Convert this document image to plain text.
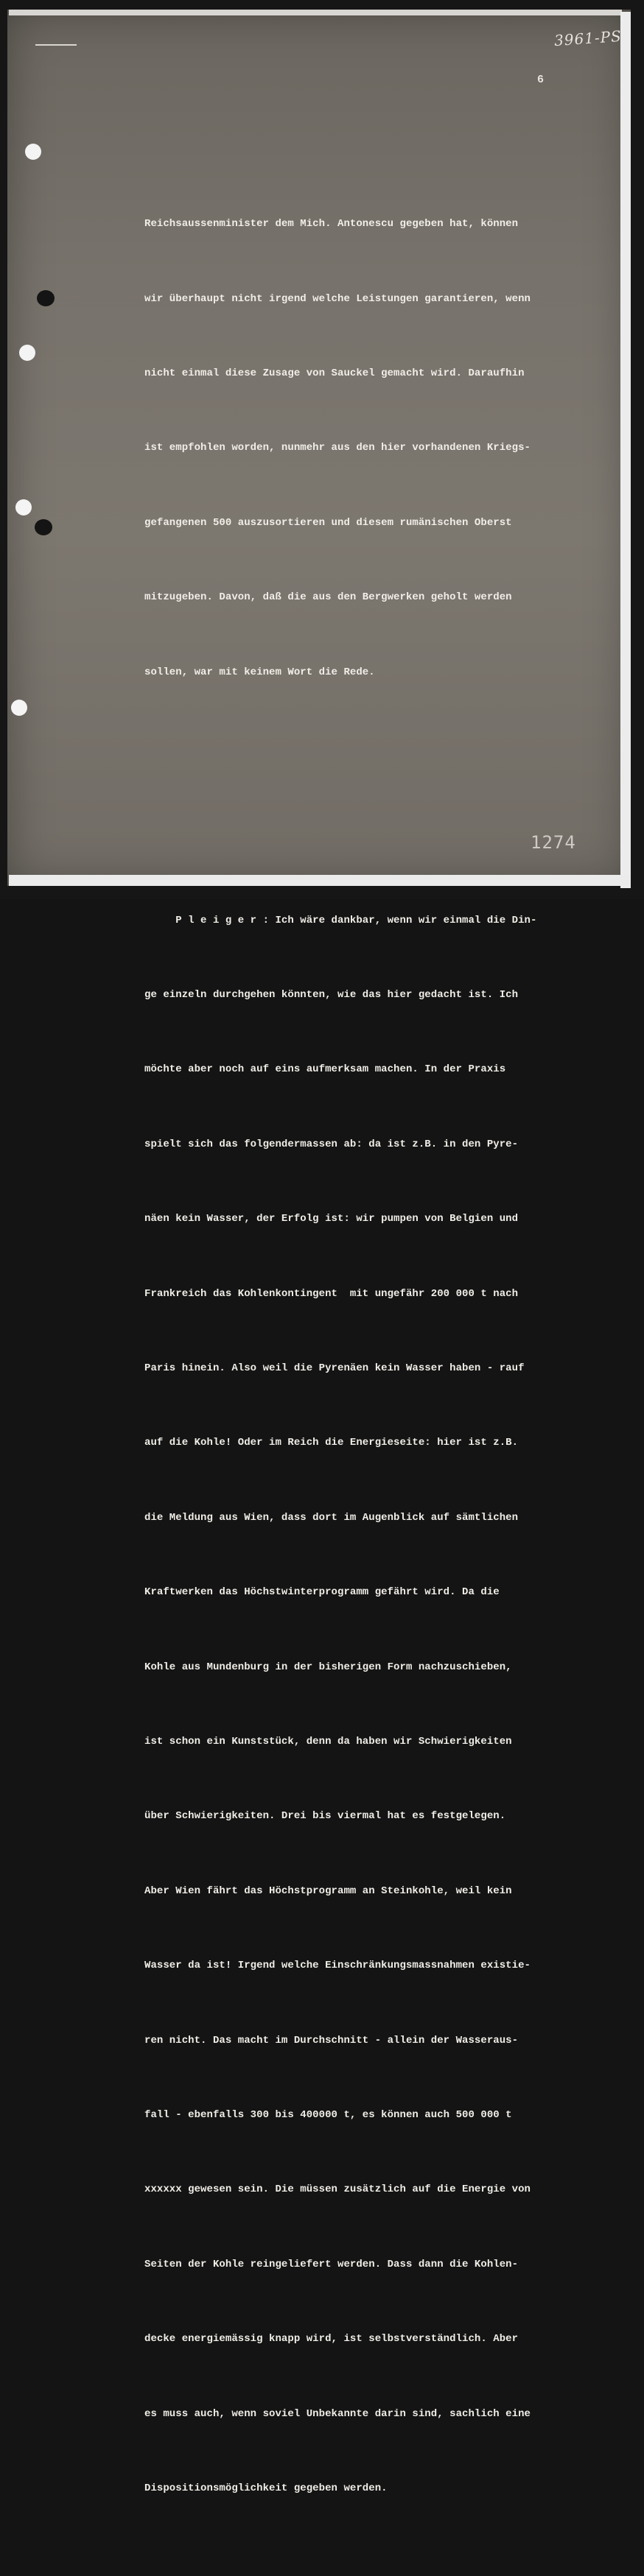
3961-PS
6

Reichsaussenminister dem Mich. Antonescu gegeben hat, können

wir überhaupt nicht irgend welche Leistungen garantieren, wenn

nicht einmal diese Zusage von Sauckel gemacht wird. Daraufhin

ist empfohlen worden, nunmehr aus den hier vorhandenen Kriegs-

gefangenen 500 auszusortieren und diesem rumänischen Oberst

mitzugeben. Davon, daß die aus den Bergwerken geholt werden

sollen, war mit keinem Wort die Rede.

P l e i g e r : Ich wäre dankbar, wenn wir einmal die Din-

ge einzeln durchgehen könnten, wie das hier gedacht ist. Ich

möchte aber noch auf eins aufmerksam machen. In der Praxis

spielt sich das folgendermassen ab: da ist z.B. in den Pyre-

näen kein Wasser, der Erfolg ist: wir pumpen von Belgien und

Frankreich das Kohlenkontingent  mit ungefähr 200 000 t nach

Paris hinein. Also weil die Pyrenäen kein Wasser haben - rauf

auf die Kohle! Oder im Reich die Energieseite: hier ist z.B.

die Meldung aus Wien, dass dort im Augenblick auf sämtlichen

Kraftwerken das Höchstwinterprogramm gefährt wird. Da die

Kohle aus Mundenburg in der bisherigen Form nachzuschieben,

ist schon ein Kunststück, denn da haben wir Schwierigkeiten

über Schwierigkeiten. Drei bis viermal hat es festgelegen.

Aber Wien fährt das Höchstprogramm an Steinkohle, weil kein

Wasser da ist! Irgend welche Einschränkungsmassnahmen existie-

ren nicht. Das macht im Durchschnitt - allein der Wasseraus-

fall - ebenfalls 300 bis 400000 t, es können auch 500 000 t

xxxxxx gewesen sein. Die müssen zusätzlich auf die Energie von

Seiten der Kohle reingeliefert werden. Dass dann die Kohlen-

decke energiemässig knapp wird, ist selbstverständlich. Aber

es muss auch, wenn soviel Unbekannte darin sind, sachlich eine

Dispositionsmöglichkeit gegeben werden.

1274
